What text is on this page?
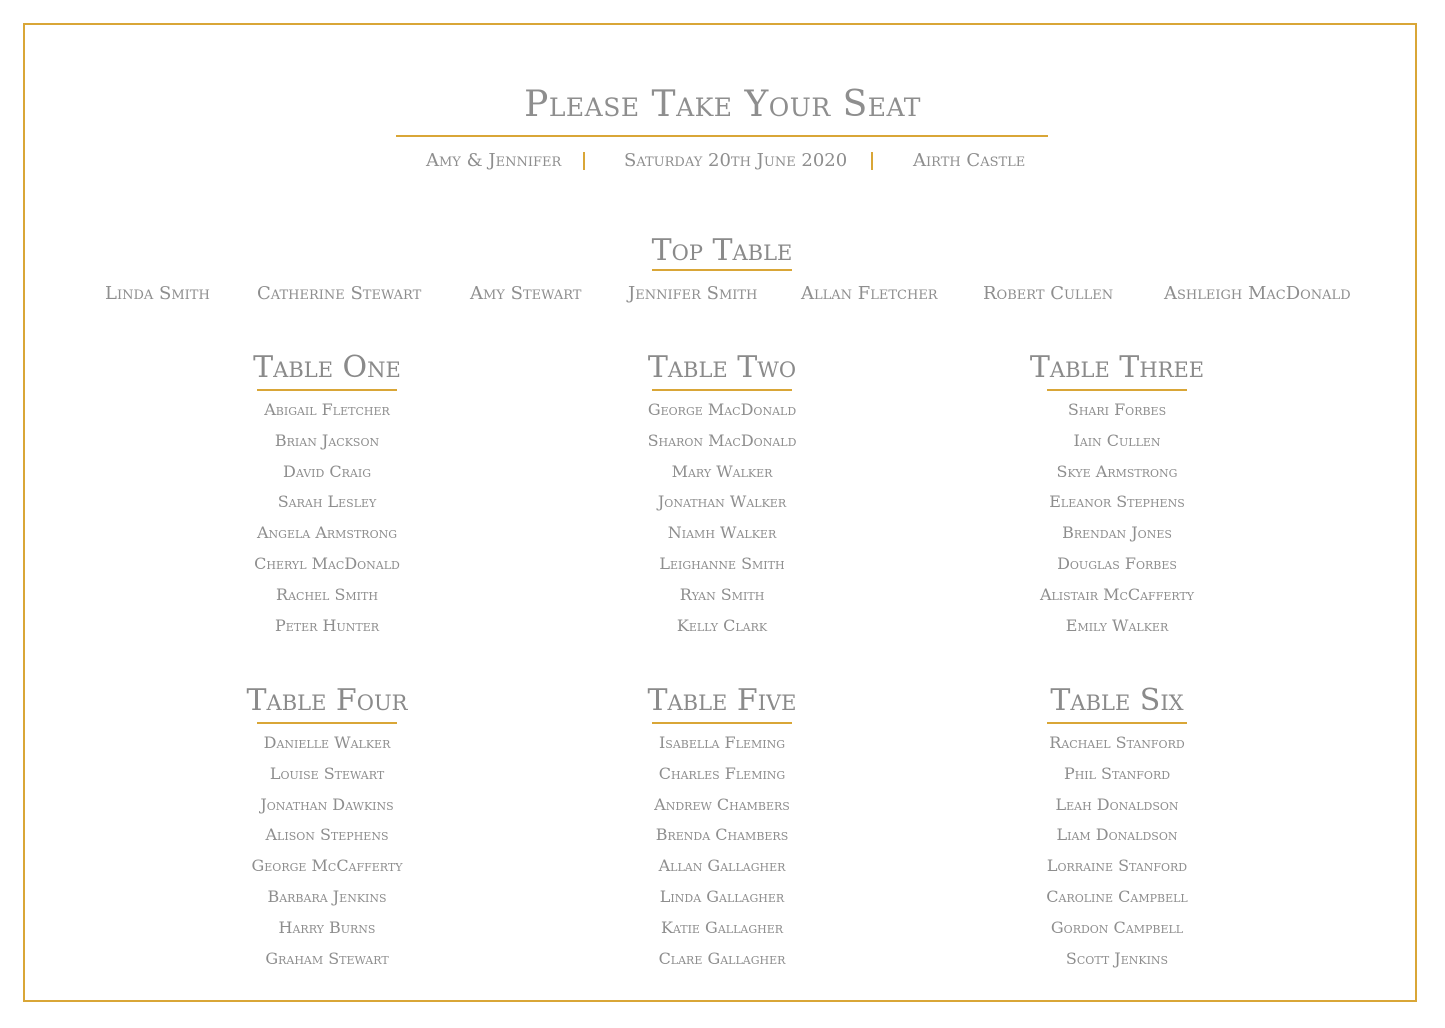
Please Take Your Seat
Amy & Jennifer	Saturday 20th June 2020	Airth Castle
Top Table
Linda Smith	Catherine Stewart	Amy Stewart	Jennifer Smith Allan Fletcher	Robert Cullen	Ashleigh MacDonald
Table One
Abigail Fletcher
Brian Jackson
David Craig
Sarah Lesley
Angela Armstrong
Cheryl MacDonald
Rachel Smith
Peter Hunter
Table Two
George MacDonald
Sharon MacDonald
Mary Walker
Jonathan Walker
Niamh Walker
Leighanne Smith
Ryan Smith
Kelly Clark
Table Three
Shari Forbes
Iain Cullen
Skye Armstrong
Eleanor Stephens
Brendan Jones
Douglas Forbes
Alistair McCafferty
Emily Walker
Table Four
Danielle Walker
Louise Stewart
Jonathan Dawkins
Alison Stephens
George McCafferty
Barbara Jenkins
Harry Burns
Graham Stewart
Table Five
Isabella Fleming
Charles Fleming
Andrew Chambers
Brenda Chambers
Allan Gallagher
Linda Gallagher
Katie Gallagher
Clare Gallagher
Table Six
Rachael Stanford
Phil Stanford
Leah Donaldson
Liam Donaldson
Lorraine Stanford
Caroline Campbell
Gordon Campbell
Scott Jenkins
